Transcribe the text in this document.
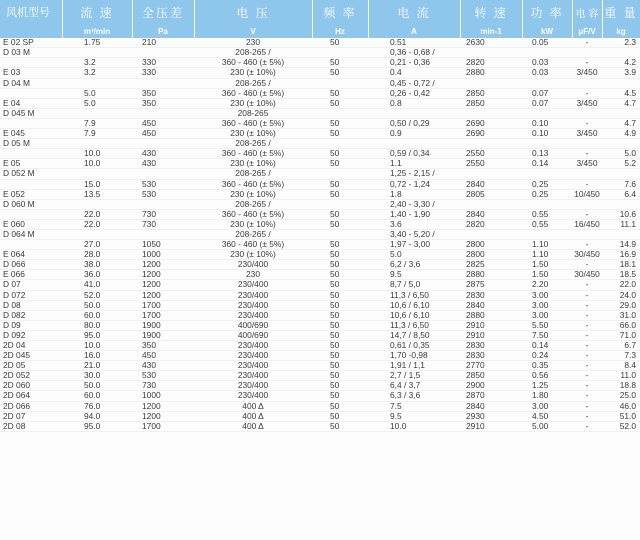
风机型号	流 速	全压差	电 压	频 率	电 流	转 速	功 率	电 容	重 量
	m³/min	Pa	V	Hz	A	min-1	kW	μF/V	kg
E 02 SP	1.75	210	230	50	0.51	2630	0.05	-	2.3
D 03 M			208-265 /		0,36 - 0,68 /				
	3.2	330	360 - 460 (± 5%)	50	0,21 - 0,36	2820	0.03	-	4.2
E 03	3.2	330	230 (± 10%)	50	0.4	2880	0.03	3/450	3.9
D 04 M			208-265 /		0,45 - 0,72 /				
	5.0	350	360 - 460 (± 5%)	50	0,26 - 0,42	2850	0.07	-	4.5
E 04	5.0	350	230 (± 10%)	50	0.8	2850	0.07	3/450	4.7
D 045 M			208-265						
	7.9	450	360 - 460 (± 5%)	50	0,50 / 0,29	2690	0.10	-	4.7
E 045	7.9	450	230 (± 10%)	50	0.9	2690	0.10	3/450	4.9
D 05 M			208-265 /						
	10.0	430	360 - 460 (± 5%)	50	0,59 / 0,34	2550	0.13	-	5.0
E 05	10.0	430	230 (± 10%)	50	1.1	2550	0.14	3/450	5.2
D 052 M			208-265 /		1,25 - 2,15 /				
	15.0	530	360 - 460 (± 5%)	50	0,72 - 1,24	2840	0.25	-	7.6
E 052	13.5	530	230 (± 10%)	50	1.8	2805	0.25	10/450	6.4
D 060 M			208-265 /		2,40 - 3,30 /				
	22.0	730	360 - 460 (± 5%)	50	1,40 - 1,90	2840	0.55	-	10.6
E 060	22.0	730	230 (± 10%)	50	3.6	2820	0.55	16/450	11.1
D 064 M			208-265 /		3,40 - 5,20 /				
	27.0	1050	360 - 460 (± 5%)	50	1,97 - 3,00	2800	1.10	-	14.9
E 064	28.0	1000	230 (± 10%)	50	5.0	2800	1.10	30/450	16.9
D 066	38.0	1200	230/400	50	6,2 / 3,6	2825	1.50	-	18.1
E 066	36.0	1200	230	50	9.5	2880	1.50	30/450	18.5
D 07	41.0	1200	230/400	50	8,7 / 5,0	2875	2.20	-	22.0
D 072	52.0	1200	230/400	50	11,3 / 6,50	2830	3.00	-	24.0
D 08	50.0	1700	230/400	50	10,6 / 6,10	2840	3.00	-	29.0
D 082	60.0	1700	230/400	50	10,6 / 6,10	2880	3.00	-	31.0
D 09	80.0	1900	400/690	50	11,3 / 6,50	2910	5.50	-	66.0
D 092	95.0	1900	400/690	50	14,7 / 8,50	2910	7.50	-	71.0
2D 04	10.0	350	230/400	50	0,61 / 0,35	2830	0.14	-	6.7
2D 045	16.0	450	230/400	50	1,70 -0,98	2830	0.24	-	7.3
2D 05	21.0	430	230/400	50	1,91 / 1,1	2770	0.35	-	8.4
2D 052	30.0	530	230/400	50	2,7 / 1,5	2850	0.56	-	11.0
2D 060	50.0	730	230/400	50	6,4 / 3,7	2900	1.25	-	18.8
2D 064	60.0	1000	230/400	50	6,3 / 3,6	2870	1.80	-	25.0
2D 066	76.0	1200	400 Δ	50	7.5	2840	3.00	-	46.0
2D 07	94.0	1200	400 Δ	50	9.5	2930	4.50	-	51.0
2D 08	95.0	1700	400 Δ	50	10.0	2910	5.00	-	52.0
